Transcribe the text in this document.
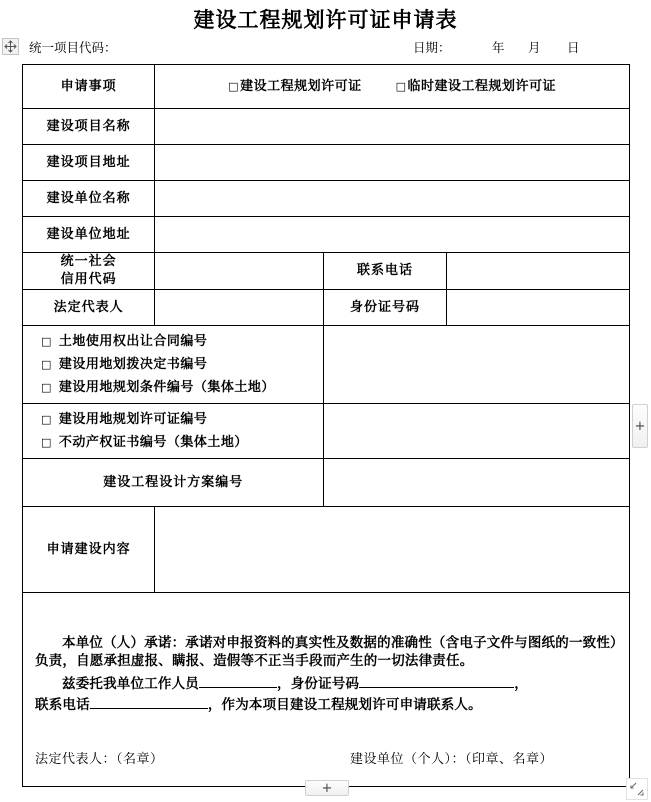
建设工程规划许可证申请表
统一项目代码：	日期：	年 月 日
申请事项	□建设工程规划许可证 □临时建设工程规划许可证		

建设项目名称			
建设项目地址			
建设单位名称			
建设单位地址			

统一社会
信用代码		联系电话	
法定代表人		身份证号码	

□ 土地使用权出让合同编号
□ 建设用地划拨决定书编号
□ 建设用地规划条件编号（集体土地）			

□ 建设用地规划许可证编号
□ 不动产权证书编号（集体土地）			

建设工程设计方案编号			
申请建设内容			

本单位（人）承诺：承诺对申报资料的真实性及数据的准确性（含电子文件与图纸的一致性）负责，自愿承担虚报、瞒报、造假等不正当手段而产生的一切法律责任。
兹委托我单位工作人员 ，身份证号码 ，
联系电话 ，作为本项目建设工程规划许可申请联系人。
法定代表人：（名章） 建设单位（个人）：（印章、名章）			
+
+
